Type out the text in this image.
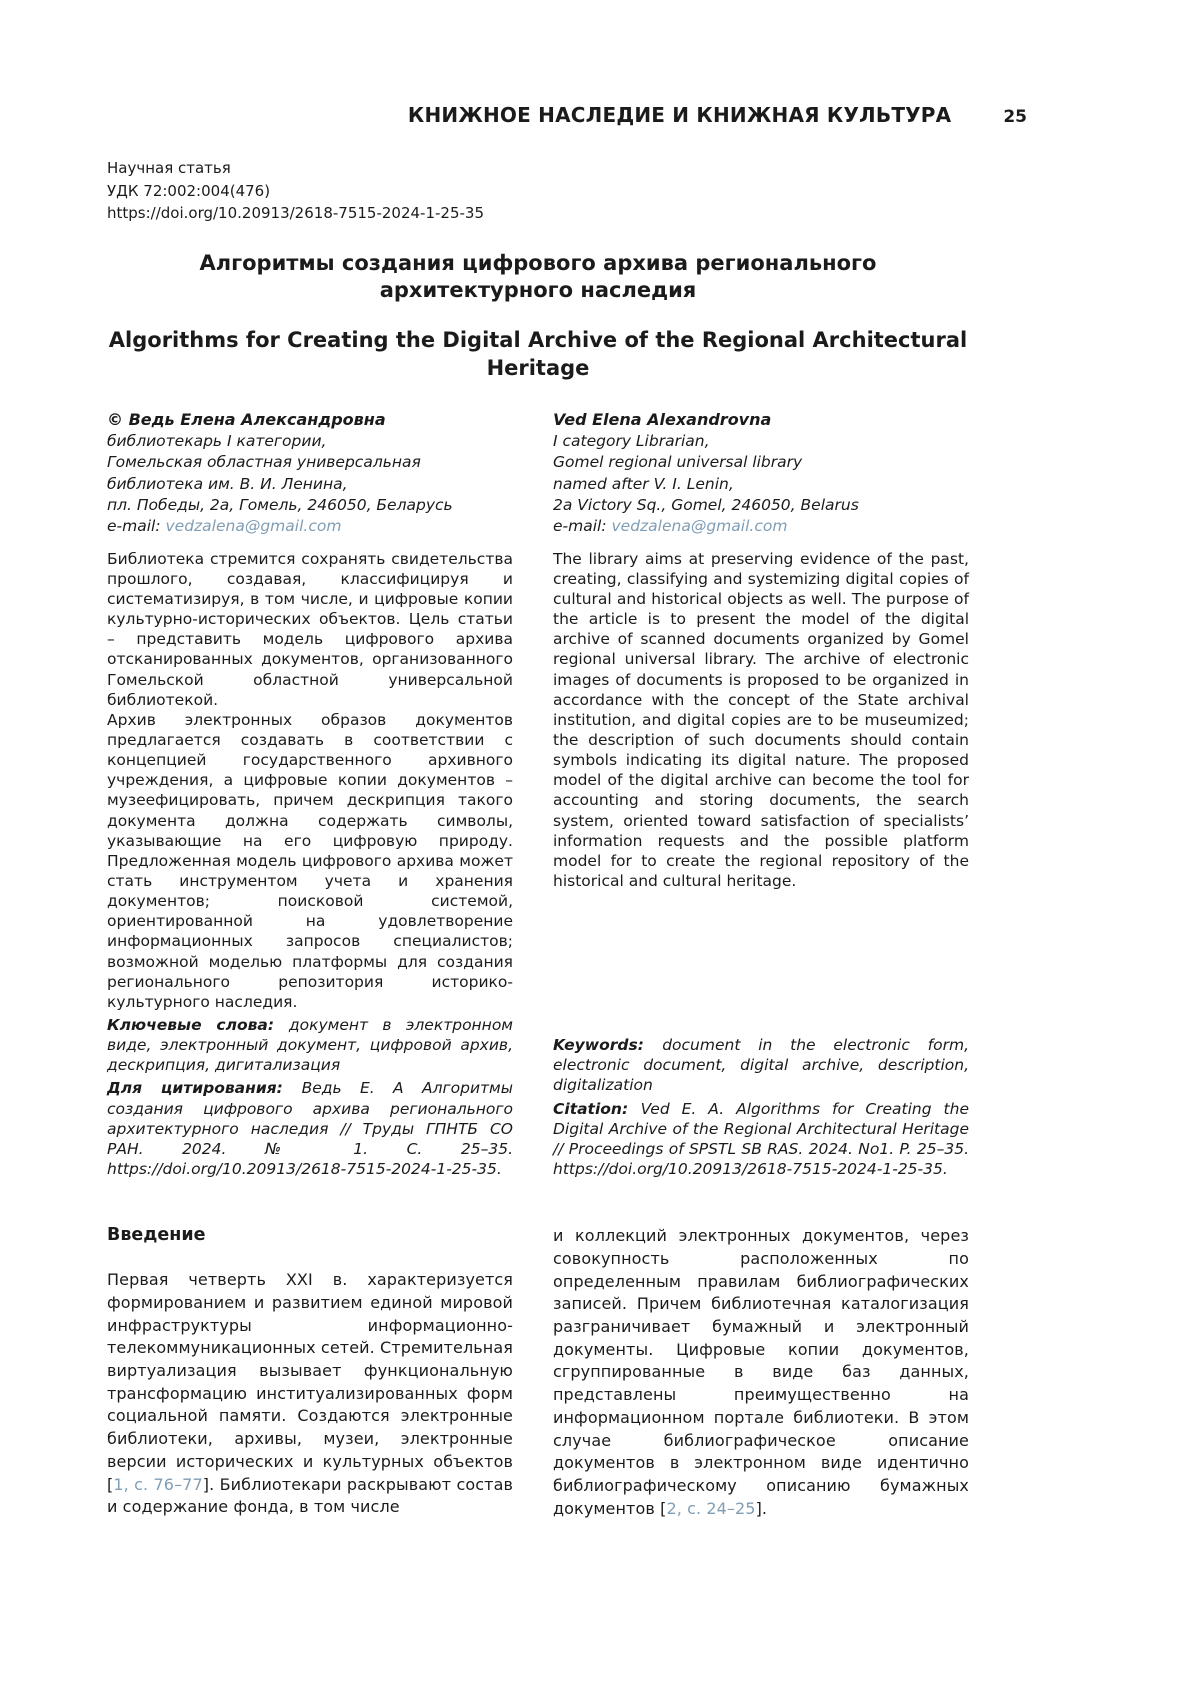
КНИЖНОЕ НАСЛЕДИЕ И КНИЖНАЯ КУЛЬТУРА	25
Научная статья
УДК 72:002:004(476)
https://doi.org/10.20913/2618-7515-2024-1-25-35
Алгоритмы создания цифрового архива регионального архитектурного наследия
Algorithms for Creating the Digital Archive of the Regional Architectural Heritage
© Ведь Елена Александровна
библиотекарь I категории,
Гомельская областная универсальная
библиотека им. В. И. Ленина,
пл. Победы, 2а, Гомель, 246050, Беларусь
e-mail: vedzalena@gmail.com

Библиотека стремится сохранять свидетельства прошлого, создавая, классифицируя и систематизируя, в том числе, и цифровые копии культурно-исторических объектов. Цель статьи – представить модель цифрового архива отсканированных документов, организованного Гомельской областной универсальной библиотекой.

Архив электронных образов документов предлагается создавать в соответствии с концепцией государственного архивного учреждения, а цифровые копии документов – музеефицировать, причем дескрипция такого документа должна содержать символы, указывающие на его цифровую природу. Предложенная модель цифрового архива может стать инструментом учета и хранения документов; поисковой системой, ориентированной на удовлетворение информационных запросов специалистов; возможной моделью платформы для создания регионального репозитория историко-культурного наследия.

Ключевые слова: документ в электронном виде, электронный документ, цифровой архив, дескрипция, дигитализация

Для цитирования: Ведь Е. А Алгоритмы создания цифрового архива регионального архитектурного наследия // Труды ГПНТБ СО РАН. 2024. № 1. С. 25–35. https://doi.org/10.20913/2618-7515-2024-1-25-35.

Ved Elena Alexandrovna
I category Librarian,
Gomel regional universal library
named after V. I. Lenin,
2a Victory Sq., Gomel, 246050, Belarus
e-mail: vedzalena@gmail.com

The library aims at preserving evidence of the past, creating, classifying and systemizing digital copies of cultural and historical objects as well. The purpose of the article is to present the model of the digital archive of scanned documents organized by Gomel regional universal library. The archive of electronic images of documents is proposed to be organized in accordance with the concept of the State archival institution, and digital copies are to be museumized; the description of such documents should contain symbols indicating its digital nature. The proposed model of the digital archive can become the tool for accounting and storing documents, the search system, oriented toward satisfaction of specialists’ information requests and the possible platform model for to create the regional repository of the historical and cultural heritage.

Keywords: document in the electronic form, electronic document, digital archive, description, digitalization

Citation: Ved E. A. Algorithms for Creating the Digital Archive of the Regional Architectural Heritage // Proceedings of SPSTL SB RAS. 2024. No1. P. 25–35. https://doi.org/10.20913/2618-7515-2024-1-25-35.

Введение

Первая четверть XXI в. характеризуется формированием и развитием единой мировой инфраструктуры информационно-телекоммуникационных сетей. Стремительная виртуализация вызывает функциональную трансформацию институализированных форм социальной памяти. Создаются электронные библиотеки, архивы, музеи, электронные версии исторических и культурных объектов [1, с. 76–77]. Библиотекари раскрывают состав и содержание фонда, в том числе

и коллекций электронных документов, через совокупность расположенных по определенным правилам библиографических записей. Причем библиотечная каталогизация разграничивает бумажный и электронный документы. Цифровые копии документов, сгруппированные в виде баз данных, представлены преимущественно на информационном портале библиотеки. В этом случае библиографическое описание документов в электронном виде идентично библиографическому описанию бумажных документов [2, с. 24–25].
